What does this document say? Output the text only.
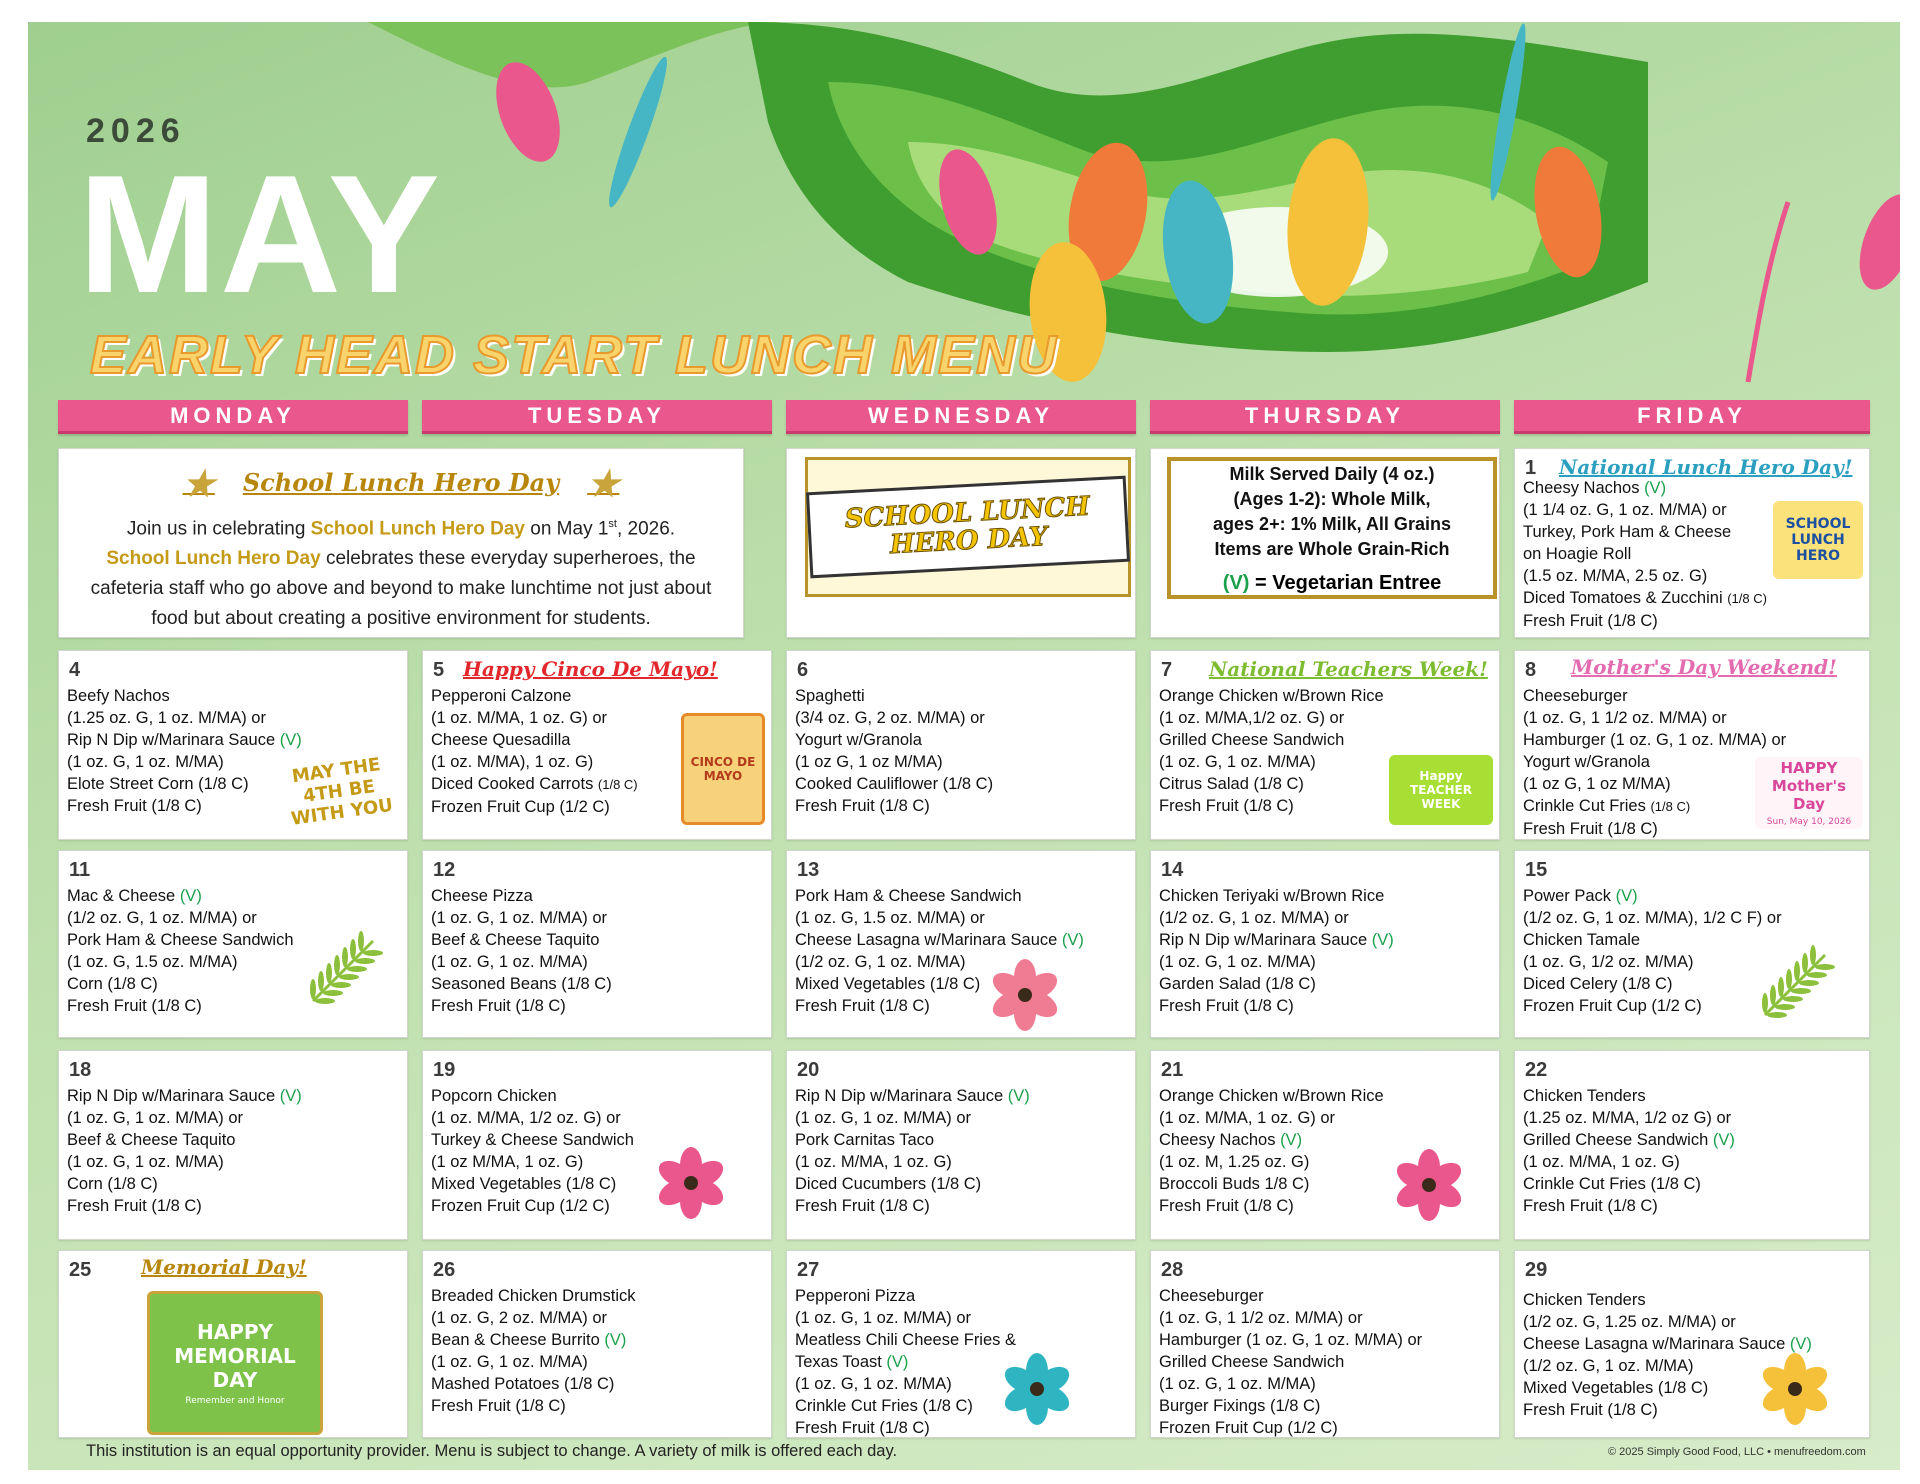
2026
MAY
EARLY HEAD START LUNCH MENU
MONDAY	TUESDAY	WEDNESDAY	THURSDAY	FRIDAY
★ School Lunch Hero Day ★
Join us in celebrating School Lunch Hero Day on May 1st, 2026.
School Lunch Hero Day celebrates these everyday superheroes, the cafeteria staff who go above and beyond to make lunchtime not just about food but about creating a positive environment for students.
SCHOOL LUNCH HERO DAY
Milk Served Daily (4 oz.)
(Ages 1-2): Whole Milk,
ages 2+: 1% Milk, All Grains
Items are Whole Grain-Rich
(V) = Vegetarian Entree
1 National Lunch Hero Day!
Cheesy Nachos (V)
(1 1/4 oz. G, 1 oz. M/MA) or
Turkey, Pork Ham & Cheese
on Hoagie Roll
(1.5 oz. M/MA, 2.5 oz. G)
Diced Tomatoes & Zucchini (1/8 C)
Fresh Fruit (1/8 C)
SCHOOL LUNCH HERO
4
Beefy Nachos
(1.25 oz. G, 1 oz. M/MA) or
Rip N Dip w/Marinara Sauce (V)
(1 oz. G, 1 oz. M/MA)
Elote Street Corn (1/8 C)
Fresh Fruit (1/8 C)
MAY THE 4TH BE WITH YOU
5 Happy Cinco De Mayo!
Pepperoni Calzone
(1 oz. M/MA, 1 oz. G) or
Cheese Quesadilla
(1 oz. M/MA), 1 oz. G)
Diced Cooked Carrots (1/8 C)
Frozen Fruit Cup (1/2 C)
CINCO DE MAYO
6
Spaghetti
(3/4 oz. G, 2 oz. M/MA) or
Yogurt w/Granola
(1 oz G, 1 oz M/MA)
Cooked Cauliflower (1/8 C)
Fresh Fruit (1/8 C)
7 National Teachers Week!
Orange Chicken w/Brown Rice
(1 oz. M/MA,1/2 oz. G) or
Grilled Cheese Sandwich
(1 oz. G, 1 oz. M/MA)
Citrus Salad (1/8 C)
Fresh Fruit (1/8 C)
Happy TEACHER WEEK
8 Mother's Day Weekend!
Cheeseburger
(1 oz. G, 1 1/2 oz. M/MA) or
Hamburger (1 oz. G, 1 oz. M/MA) or
Yogurt w/Granola
(1 oz G, 1 oz M/MA)
Crinkle Cut Fries (1/8 C)
Fresh Fruit (1/8 C)
HAPPY Mother's Day
Sun, May 10, 2026
11
Mac & Cheese (V)
(1/2 oz. G, 1 oz. M/MA) or
Pork Ham & Cheese Sandwich
(1 oz. G, 1.5 oz. M/MA)
Corn (1/8 C)
Fresh Fruit (1/8 C)
12
Cheese Pizza
(1 oz. G, 1 oz. M/MA) or
Beef & Cheese Taquito
(1 oz. G, 1 oz. M/MA)
Seasoned Beans (1/8 C)
Fresh Fruit (1/8 C)
13
Pork Ham & Cheese Sandwich
(1 oz. G, 1.5 oz. M/MA) or
Cheese Lasagna w/Marinara Sauce (V)
(1/2 oz. G, 1 oz. M/MA)
Mixed Vegetables (1/8 C)
Fresh Fruit (1/8 C)
14
Chicken Teriyaki w/Brown Rice
(1/2 oz. G, 1 oz. M/MA) or
Rip N Dip w/Marinara Sauce (V)
(1 oz. G, 1 oz. M/MA)
Garden Salad (1/8 C)
Fresh Fruit (1/8 C)
15
Power Pack (V)
(1/2 oz. G, 1 oz. M/MA), 1/2 C F) or
Chicken Tamale
(1 oz. G, 1/2 oz. M/MA)
Diced Celery (1/8 C)
Frozen Fruit Cup (1/2 C)
18
Rip N Dip w/Marinara Sauce (V)
(1 oz. G, 1 oz. M/MA) or
Beef & Cheese Taquito
(1 oz. G, 1 oz. M/MA)
Corn (1/8 C)
Fresh Fruit (1/8 C)
19
Popcorn Chicken
(1 oz. M/MA, 1/2 oz. G) or
Turkey & Cheese Sandwich
(1 oz M/MA, 1 oz. G)
Mixed Vegetables (1/8 C)
Frozen Fruit Cup (1/2 C)
20
Rip N Dip w/Marinara Sauce (V)
(1 oz. G, 1 oz. M/MA) or
Pork Carnitas Taco
(1 oz. M/MA, 1 oz. G)
Diced Cucumbers (1/8 C)
Fresh Fruit (1/8 C)
21
Orange Chicken w/Brown Rice
(1 oz. M/MA, 1 oz. G) or
Cheesy Nachos (V)
(1 oz. M, 1.25 oz. G)
Broccoli Buds 1/8 C)
Fresh Fruit (1/8 C)
22
Chicken Tenders
(1.25 oz. M/MA, 1/2 oz G) or
Grilled Cheese Sandwich (V)
(1 oz. M/MA, 1 oz. G)
Crinkle Cut Fries (1/8 C)
Fresh Fruit (1/8 C)
25 Memorial Day!
HAPPY MEMORIAL DAY
Remember and Honor
26
Breaded Chicken Drumstick
(1 oz. G, 2 oz. M/MA) or
Bean & Cheese Burrito (V)
(1 oz. G, 1 oz. M/MA)
Mashed Potatoes (1/8 C)
Fresh Fruit (1/8 C)
27
Pepperoni Pizza
(1 oz. G, 1 oz. M/MA) or
Meatless Chili Cheese Fries &
Texas Toast (V)
(1 oz. G, 1 oz. M/MA)
Crinkle Cut Fries (1/8 C)
Fresh Fruit (1/8 C)
28
Cheeseburger
(1 oz. G, 1 1/2 oz. M/MA) or
Hamburger (1 oz. G, 1 oz. M/MA) or
Grilled Cheese Sandwich
(1 oz. G, 1 oz. M/MA)
Burger Fixings (1/8 C)
Frozen Fruit Cup (1/2 C)
29
Chicken Tenders
(1/2 oz. G, 1.25 oz. M/MA) or
Cheese Lasagna w/Marinara Sauce (V)
(1/2 oz. G, 1 oz. M/MA)
Mixed Vegetables (1/8 C)
Fresh Fruit (1/8 C)
This institution is an equal opportunity provider. Menu is subject to change. A variety of milk is offered each day.	© 2025 Simply Good Food, LLC • menufreedom.com
